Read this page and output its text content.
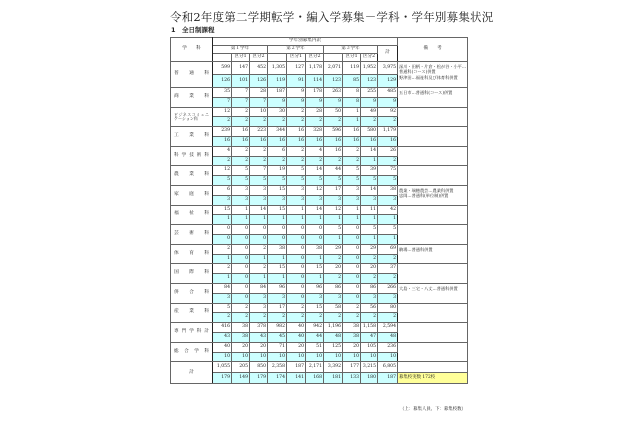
令和2年度第二学期転学・編入学募集－学科・学年別募集状況
1　全日制課程
学　　科	学年別募集内訳										備　　考
	第１学年			第２学年			第３学年			計	
		区分1	区分2		区分1	区分2		区分1	区分2		
普通科	599	147	452	1,305	127	1,178	2,071	119	1,952	3,975	深川・田柄・片倉・松が谷・小平…普通科(コース)併置
野津田…福祉科及び体育科併置
	126	101	126	119	91	114	123	85	123	129	
商業科	35	7	28	187	9	178	263	8	255	485	五日市…普通科(コース)併置
	7	7	7	9	9	9	9	8	9	9	
ビジネスコミュニケーション科	12	2	10	30	2	28	50	1	49	92	
	2	2	2	2	2	2	2	1	2	2	
工業科	239	16	223	344	16	328	596	16	580	1,179	
	16	16	16	16	16	16	16	16	16	16	
科学技術科	4	2	2	6	2	4	16	2	14	26	
	2	2	2	2	2	2	2	2	1	2	
農業科	12	5	7	19	5	14	44	5	39	75	
	5	5	5	5	5	5	5	5	5	5	
家庭科	6	3	3	15	3	12	17	3	14	38	農業・瑞穂農芸…農業科併置
忠岡…普通科(単位制)併置
	3	3	3	3	3	3	3	3	3	3	
福祉科	15	1	14	15	1	14	12	1	11	42	
	1	1	1	1	1	1	1	1	1	1	
芸術科	0	0	0	0	0	0	5	0	5	5	
	0	0	0	0	0	0	1	0	1	1	
体育科	2	0	2	38	0	38	29	0	29	69	駒場…普通科併置
	1	0	1	1	0	1	2	0	2	2	
国際科	2	0	2	15	0	15	20	0	20	37	
	1	0	1	1	0	1	2	0	2	2	
併合科	84	0	84	96	0	96	86	0	86	266	大島・三宅・八丈…普通科併置
	3	0	3	3	0	3	3	0	3	3	
産業科	5	2	3	17	2	15	58	2	56	80	
	2	2	2	2	2	2	2	2	2	2	
専門学科計	416	38	378	982	40	942	1,196	38	1,158	2,594	
	43	38	43	45	40	44	48	38	47	48	
総合学科	40	20	20	71	20	51	125	20	105	236	
	10	10	10	10	10	10	10	10	10	10	
計	1,055	205	850	2,358	187	2,171	3,392	177	3,215	6,805	
	179	149	179	174	141	168	181	133	180	187	募集校実数 172校
（上：募集人員、下：募集校数）
